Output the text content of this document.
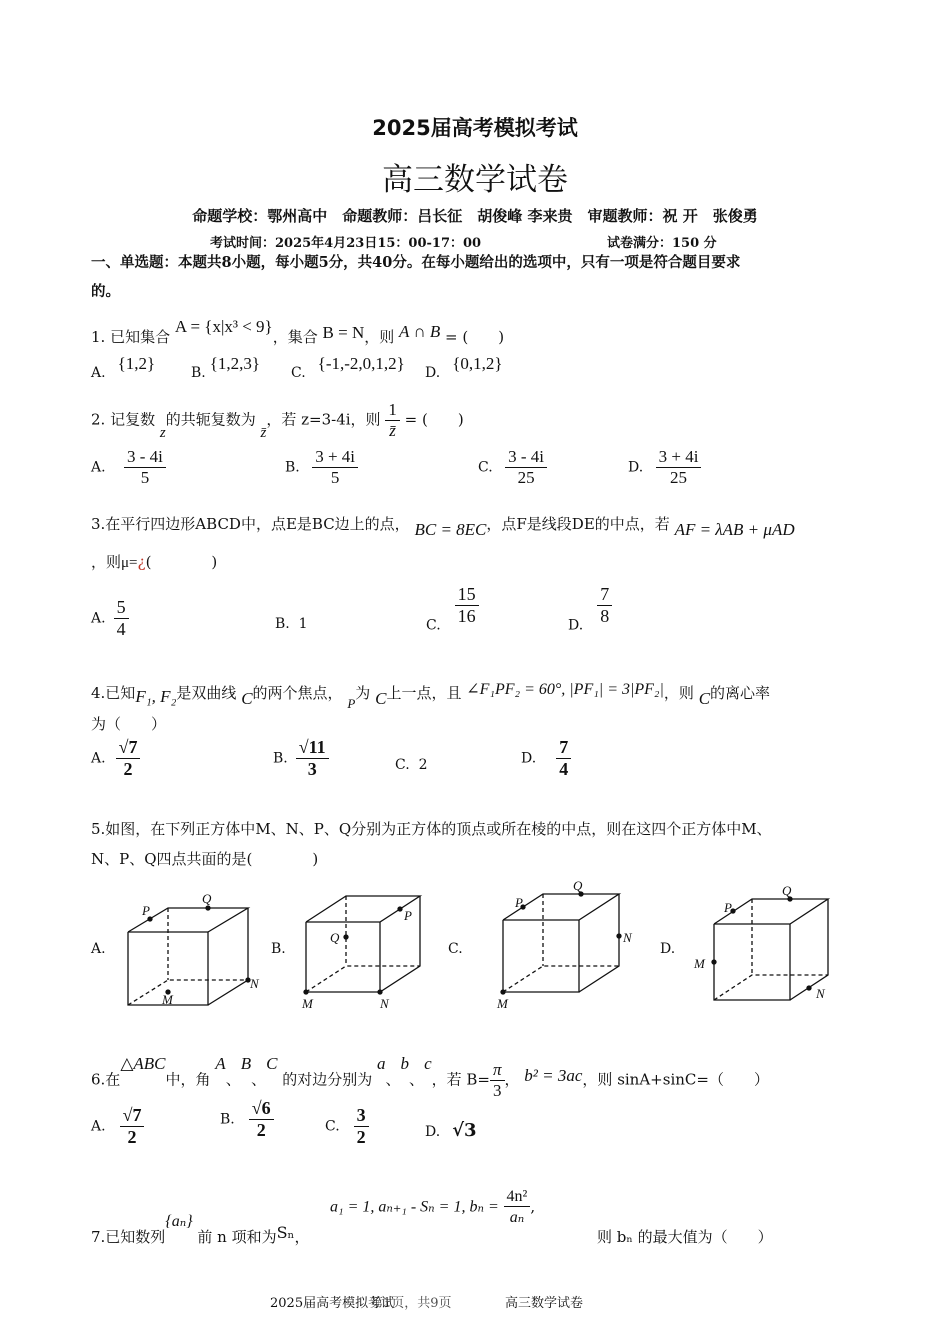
2025届高考模拟考试
高三数学试卷
命题学校：鄂州高中　命题教师：吕长征　胡俊峰 李来贵　审题教师：祝 开　张俊勇
考试时间：2025年4月23日15：00-17：00	试卷满分：150 分
一、单选题：本题共8小题，每小题5分，共40分。在每小题给出的选项中，只有一项是符合题目要求
的。
1. 已知集合 A = {x|x³ < 9}，集合 B = N，则 A ∩ B = (　　)
A. {1,2}	B. {1,2,3} C. {-1,-2,0,1,2} D. {0,1,2}
2. 记复数 z的共轭复数为 z̄，若 z=3-4i，则 $\frac{1}{z̄}$ = (　　)
A. $\frac{3 - 4i}{5}$	B. $\frac{3 + 4i}{5}$	C. $\frac{3 - 4i}{25}$	D. $\frac{3 + 4i}{25}$
3.在平行四边形ABCD中，点E是BC边上的点， BC = 8EC，点F是线段DE的中点，若 AF = λAB + μAD
，则μ=¿(　　　　)
A. $\frac{5}{4}$	B. 1	C. $\frac{15}{16}$	D. $\frac{7}{8}$
4.已知F₁, F₂是双曲线 C的两个焦点， P为 C上一点，且 ∠F₁PF₂ = 60°, |PF₁| = 3|PF₂|，则 C的离心率
为（　　）
A. $\frac{√7}{2}$	B. $\frac{√11}{3}$	C. 2	D. $\frac{7}{4}$
5.如图，在下列正方体中M、N、P、Q分别为正方体的顶点或所在棱的中点，则在这四个正方体中M、
N、P、Q四点共面的是(　　　　)
A.	B.	C.	D.
P
Q
M
N
P
Q
M	N
P
Q
M
N
P
Q
M
N
6.在△ABC中，角 A、B、C 的对边分别为 a、b、c，若 $B= \frac{\pi}{3}$ ， b² = 3ac，则 sinA+sinC=（　　）
A. $\frac{√7}{2}$	B. $\frac{√6}{2}$	C. $\frac{3}{2}$	D. √3
7.已知数列{aₙ} 前 n 项和为Sₙ，
a₁ = 1, aₙ₊₁ - Sₙ = 1, $b_n = \frac{\text{4n²}}{\text{aₙ}}$ ,
则 bₙ 的最大值为（　　）
2025届高考模拟考试
第1页，共9页	高三数学试卷
